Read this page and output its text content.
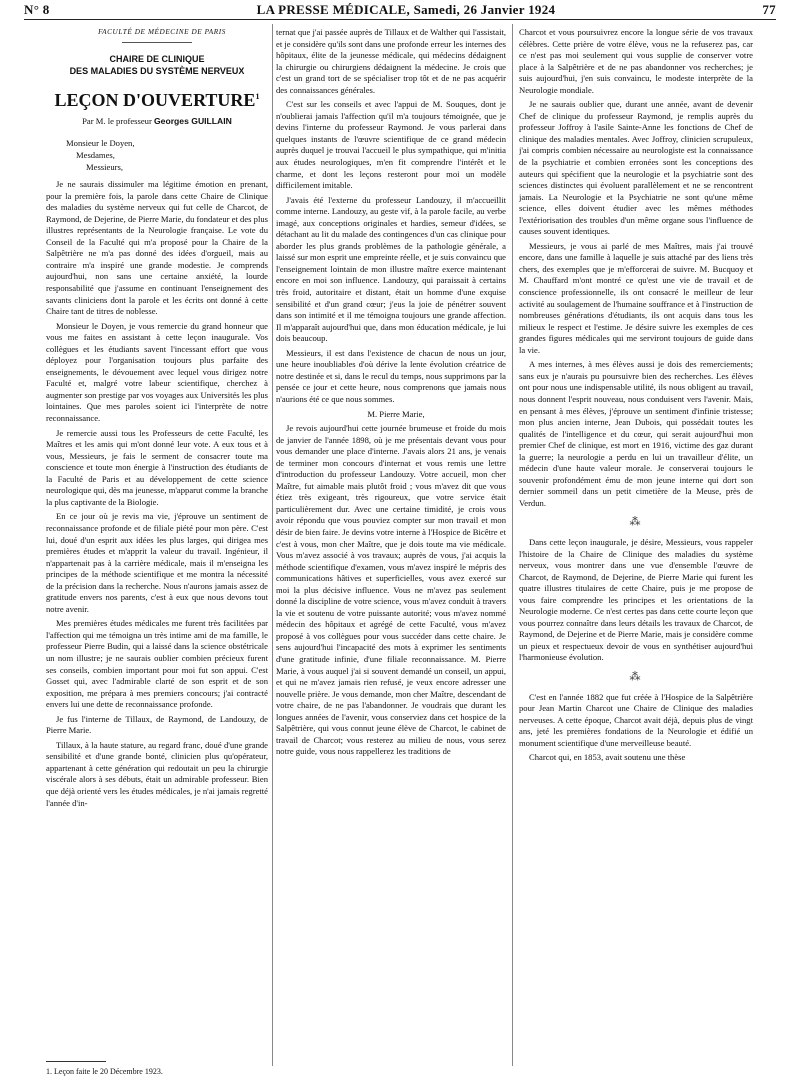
N° 8	LA PRESSE MÉDICALE, Samedi, 26 Janvier 1924	77

FACULTÉ DE MÉDECINE DE PARIS

CHAIRE DE CLINIQUE
DES MALADIES DU SYSTÈME NERVEUX
LEÇON D'OUVERTURE$^1$
Par M. le professeur Georges GUILLAIN
Monsieur le Doyen,
Mesdames,
Messieurs,

Je ne saurais dissimuler ma légitime émotion en prenant, pour la première fois, la parole dans cette Chaire de Clinique des maladies du système nerveux qui fut celle de Charcot, de Raymond, de Dejerine, de Pierre Marie, du fondateur et des plus illustres représentants de la Neurologie française. Le vote du Conseil de la Faculté qui m'a proposé pour la Chaire de la Salpêtrière ne m'a pas donné des idées d'orgueil, mais au contraire m'a inspiré une grande modestie. Je comprends aujourd'hui, non sans une certaine anxiété, la lourde responsabilité que j'assume en continuant l'enseignement des savants cliniciens dont la parole et les écrits ont donné à cette Chaire tant de titres de noblesse.

Monsieur le Doyen, je vous remercie du grand honneur que vous me faites en assistant à cette leçon inaugurale. Vos collègues et les étudiants savent l'incessant effort que vous déployez pour l'organisation toujours plus parfaite des enseignements, le dévouement avec lequel vous dirigez notre Faculté et, malgré votre labeur scientifique, cherchez à augmenter son prestige par vos voyages aux Universités les plus lointaines. Que mes paroles soient ici l'interprète de notre reconnaissance.

Je remercie aussi tous les Professeurs de cette Faculté, les Maîtres et les amis qui m'ont donné leur vote. A eux tous et à vous, Messieurs, je fais le serment de consacrer toute ma conscience et toute mon énergie à l'instruction des étudiants de la Faculté de Paris et au développement de cette science neurologique qui, dès ma jeunesse, m'apparut comme la branche la plus captivante de la Biologie.

En ce jour où je revis ma vie, j'éprouve un sentiment de reconnaissance profonde et de filiale piété pour mon père. C'est lui, doué d'un esprit aux idées les plus larges, qui dirigea mes premières études et m'apprit la valeur du travail. Ingénieur, il n'appartenait pas à la carrière médicale, mais il m'enseigna les principes de la méthode scientifique et me montra la nécessité de la précision dans la recherche. Nous n'aurons jamais assez de gratitude envers nos parents, c'est à eux que nous devons tout notre avenir.

Mes premières études médicales me furent très facilitées par l'affection qui me témoigna un très intime ami de ma famille, le professeur Pierre Budin, qui a laissé dans la science obstétricale un nom illustre; je ne saurais oublier combien précieux furent ses conseils, combien important pour moi fut son appui. C'est Gosset qui, avec l'admirable clarté de son esprit et de son exposition, me prépara à mes premiers concours; j'ai contracté envers lui une dette de reconnaissance profonde.

Je fus l'interne de Tillaux, de Raymond, de Landouzy, de Pierre Marie.

Tillaux, à la haute stature, au regard franc, doué d'une grande sensibilité et d'une grande bonté, clinicien plus qu'opérateur, appartenant à cette génération qui redoutait un peu la chirurgie viscérale alors à ses débuts, était un admirable professeur. Bien que déjà orienté vers les études médicales, je n'ai jamais regretté l'année d'in-

1. Leçon faite le 20 Décembre 1923.

ternat que j'ai passée auprès de Tillaux et de Walther qui l'assistait, et je considère qu'ils sont dans une profonde erreur les internes des hôpitaux, élite de la jeunesse médicale, qui médecins dédaignent la chirurgie ou chirurgiens dédaignent la médecine. Je crois que c'est un grand tort de se spécialiser trop tôt et de ne pas acquérir des connaissances générales.

C'est sur les conseils et avec l'appui de M. Souques, dont je n'oublierai jamais l'affection qu'il m'a toujours témoignée, que je devins l'interne du professeur Raymond. Je vous parlerai dans quelques instants de l'œuvre scientifique de ce grand médecin auprès duquel je trouvai l'accueil le plus sympathique, qui m'initia aux études neurologiques, m'en fit comprendre l'intérêt et le charme, et dont les leçons resteront pour moi un modèle difficilement imitable.

J'avais été l'externe du professeur Landouzy, il m'accueillit comme interne. Landouzy, au geste vif, à la parole facile, au verbe imagé, aux conceptions originales et hardies, semeur d'idées, se détachant au lit du malade des contingences d'un cas clinique pour aborder les plus grands problèmes de la pathologie générale, a laissé sur mon esprit une empreinte réelle, et je suis convaincu que l'enseignement lointain de mon illustre maître exerce maintenant encore en moi son influence. Landouzy, qui paraissait à certains très froid, autoritaire et distant, était un homme d'une exquise sensibilité et d'un grand cœur; j'eus la joie de pénétrer souvent dans son intimité et il me témoigna toujours une grande affection. Il m'apparaît aujourd'hui que, dans mon éducation médicale, je lui dois beaucoup.

Messieurs, il est dans l'existence de chacun de nous un jour, une heure inoubliables d'où dérive la lente évolution créatrice de notre destinée et si, dans le recul du temps, nous supprimons par la pensée ce jour et cette heure, nous comprenons que jamais nous n'aurions été ce que nous sommes.

M. Pierre Marie,

Je revois aujourd'hui cette journée brumeuse et froide du mois de janvier de l'année 1898, où je me présentais devant vous pour vous demander une place d'interne. J'avais alors 21 ans, je venais de terminer mon concours d'internat et vous remis une lettre d'introduction du professeur Landouzy. Votre accueil, mon cher Maître, fut aimable mais plutôt froid ; vous m'avez dit que vous étiez très exigeant, très rigoureux, que votre service était particulièrement dur. Avec une certaine timidité, je crois vous avoir répondu que vous pouviez compter sur mon travail et mon désir de bien faire. Je devins votre interne à l'Hospice de Bicêtre et c'est à vous, mon cher Maître, que je dois toute ma vie médicale. Vous m'avez associé à vos travaux; auprès de vous, j'ai acquis la méthode scientifique d'examen, vous m'avez inspiré le mépris des communications hâtives et superficielles, vous avez exercé sur moi la plus décisive influence. Vous ne m'avez pas seulement donné la discipline de votre science, vous m'avez conduit à travers la vie et soutenu de votre puissante autorité; vous m'avez nommé médecin des hôpitaux et agrégé de cette Faculté, vous m'avez proposé à vos collègues pour vous succéder dans cette chaire. Je sens aujourd'hui l'incapacité des mots à exprimer les sentiments d'une gratitude infinie, d'une filiale reconnaissance. M. Pierre Marie, à vous auquel j'ai si souvent demandé un conseil, un appui, et qui ne m'avez jamais rien refusé, je veux encore adresser une nouvelle prière. Je vous demande, mon cher Maître, descendant de votre chaire, de ne pas l'abandonner. Je voudrais que durant les longues années de l'avenir, vous conserviez dans cet hospice de la Salpêtrière, qui vous connut jeune élève de Charcot, le cabinet de travail de Charcot; vous resterez au milieu de nous, vous serez notre guide, vous nous rappellerez les traditions de

Charcot et vous poursuivrez encore la longue série de vos travaux célèbres. Cette prière de votre élève, vous ne la refuserez pas, car ce n'est pas moi seulement qui vous supplie de conserver votre place à la Salpêtrière et de ne pas abandonner vos recherches; je suis aujourd'hui, j'en suis convaincu, le modeste interprète de la Neurologie mondiale.

Je ne saurais oublier que, durant une année, avant de devenir Chef de clinique du professeur Raymond, je remplis auprès du professeur Joffroy à l'asile Sainte-Anne les fonctions de Chef de clinique des maladies mentales. Avec Joffroy, clinicien scrupuleux, j'ai compris combien nécessaire au neurologiste est la connaissance de la psychiatrie et combien erronées sont les conceptions des auteurs qui spécifient que la neurologie et la psychiatrie sont des sciences distinctes qui évoluent parallèlement et ne se rencontrent jamais. La Neurologie et la Psychiatrie ne sont qu'une même science, elles doivent étudier avec les mêmes méthodes l'extériorisation des troubles d'un même organe sous l'influence de causes souvent identiques.

Messieurs, je vous ai parlé de mes Maîtres, mais j'ai trouvé encore, dans une famille à laquelle je suis attaché par des liens très chers, des exemples que je m'efforcerai de suivre. M. Bucquoy et M. Chauffard m'ont montré ce qu'est une vie de travail et de conscience professionnelle, ils ont consacré le meilleur de leur activité au soulagement de l'humaine souffrance et à l'instruction de nombreuses générations d'étudiants, ils ont acquis dans tous les milieux le respect et l'estime. Je désire suivre les exemples de ces grandes figures médicales qui me serviront toujours de guide dans la vie.

A mes internes, à mes élèves aussi je dois des remerciements; sans eux je n'aurais pu poursuivre bien des recherches. Les élèves ont pour nous une indispensable utilité, ils nous obligent au travail, nous donnent l'esprit nouveau, nous conduisent vers l'avenir. Mais, en pensant à mes élèves, j'éprouve un sentiment d'infinie tristesse; mon plus ancien interne, Jean Dubois, qui possédait toutes les qualités de l'intelligence et du cœur, qui serait aujourd'hui mon premier Chef de clinique, est mort en 1916, victime des gaz durant la guerre; la neurologie a perdu en lui un travailleur d'élite, un médecin d'une haute valeur morale. Je conserverai toujours le souvenir profondément ému de mon jeune interne qui dort son dernier sommeil dans un petit cimetière de la Meuse, près de Verdun.

⁂

Dans cette leçon inaugurale, je désire, Messieurs, vous rappeler l'histoire de la Chaire de Clinique des maladies du système nerveux, vous montrer dans une vue d'ensemble l'œuvre de Charcot, de Raymond, de Dejerine, de Pierre Marie qui furent les quatre illustres titulaires de cette Chaire, puis je me propose de vous faire comprendre les principes et les orientations de la Neurologie moderne. Ce n'est certes pas dans cette courte leçon que vous pourrez connaître dans leurs détails les travaux de Charcot, de Raymond, de Dejerine et de Pierre Marie, mais je considère comme un pieux et respectueux devoir de vous en synthétiser aujourd'hui l'harmonieuse évolution.

⁂

C'est en l'année 1882 que fut créée à l'Hospice de la Salpêtrière pour Jean Martin Charcot une Chaire de Clinique des maladies nerveuses. A cette époque, Charcot avait déjà, depuis plus de vingt ans, jeté les premières fondations de la Neurologie et édifié un monument scientifique d'une merveilleuse beauté.

Charcot qui, en 1853, avait soutenu une thèse
